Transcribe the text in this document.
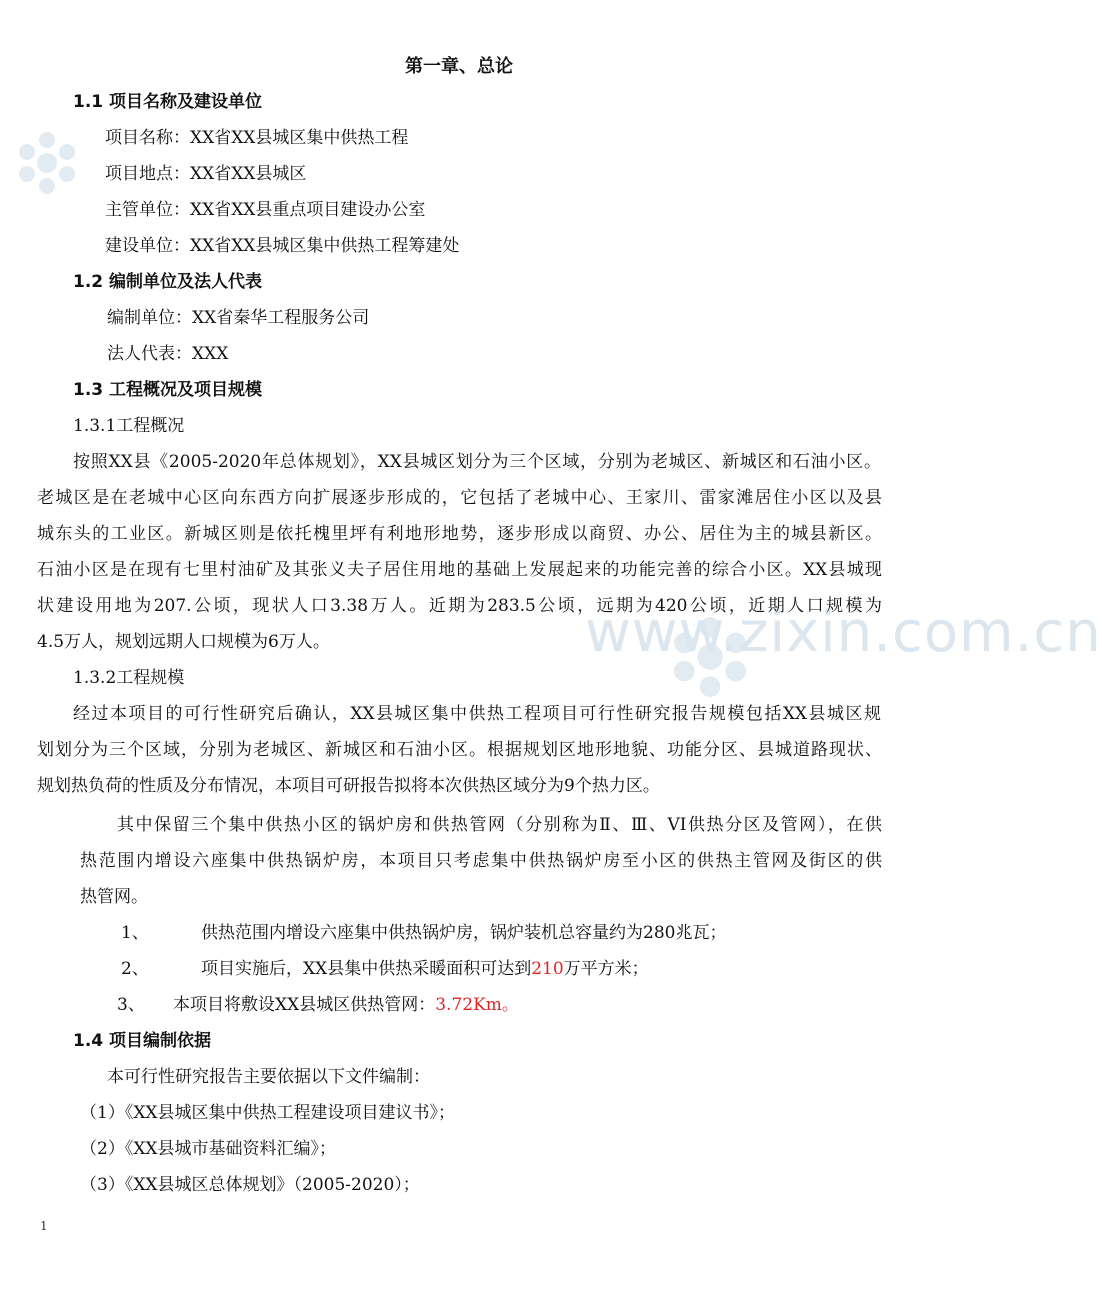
www.zixin.com.cn
第一章、总论
1.1 项目名称及建设单位
项目名称：XX省XX县城区集中供热工程
项目地点：XX省XX县城区
主管单位：XX省XX县重点项目建设办公室
建设单位：XX省XX县城区集中供热工程筹建处
1.2 编制单位及法人代表
编制单位：XX省秦华工程服务公司
法人代表：XXX
1.3 工程概况及项目规模
1.3.1工程概况
按照XX县《2005-2020年总体规划》，XX县城区划分为三个区域，分别为老城区、新城区和石油小区。
老城区是在老城中心区向东西方向扩展逐步形成的，它包括了老城中心、王家川、雷家滩居住小区以及县
城东头的工业区。新城区则是依托槐里坪有利地形地势，逐步形成以商贸、办公、居住为主的城县新区。
石油小区是在现有七里村油矿及其张义夫子居住用地的基础上发展起来的功能完善的综合小区。XX县城现
状建设用地为207.公顷，现状人口3.38万人。近期为283.5公顷，远期为420公顷，近期人口规模为
4.5万人，规划远期人口规模为6万人。
1.3.2工程规模
经过本项目的可行性研究后确认，XX县城区集中供热工程项目可行性研究报告规模包括XX县城区规
划划分为三个区域，分别为老城区、新城区和石油小区。根据规划区地形地貌、功能分区、县城道路现状、
规划热负荷的性质及分布情况，本项目可研报告拟将本次供热区域分为9个热力区。
其中保留三个集中供热小区的锅炉房和供热管网（分别称为Ⅱ、Ⅲ、VI供热分区及管网），在供
热范围内增设六座集中供热锅炉房，本项目只考虑集中供热锅炉房至小区的供热主管网及街区的供
热管网。
1、	供热范围内增设六座集中供热锅炉房，锅炉装机总容量约为280兆瓦；
2、	项目实施后，XX县集中供热采暖面积可达到210万平方米；
3、 本项目将敷设XX县城区供热管网：3.72Km。
1.4 项目编制依据
本可行性研究报告主要依据以下文件编制：
（1）《XX县城区集中供热工程建设项目建议书》；
（2）《XX县城市基础资料汇编》；
（3）《XX县城区总体规划》（2005-2020）；
1
